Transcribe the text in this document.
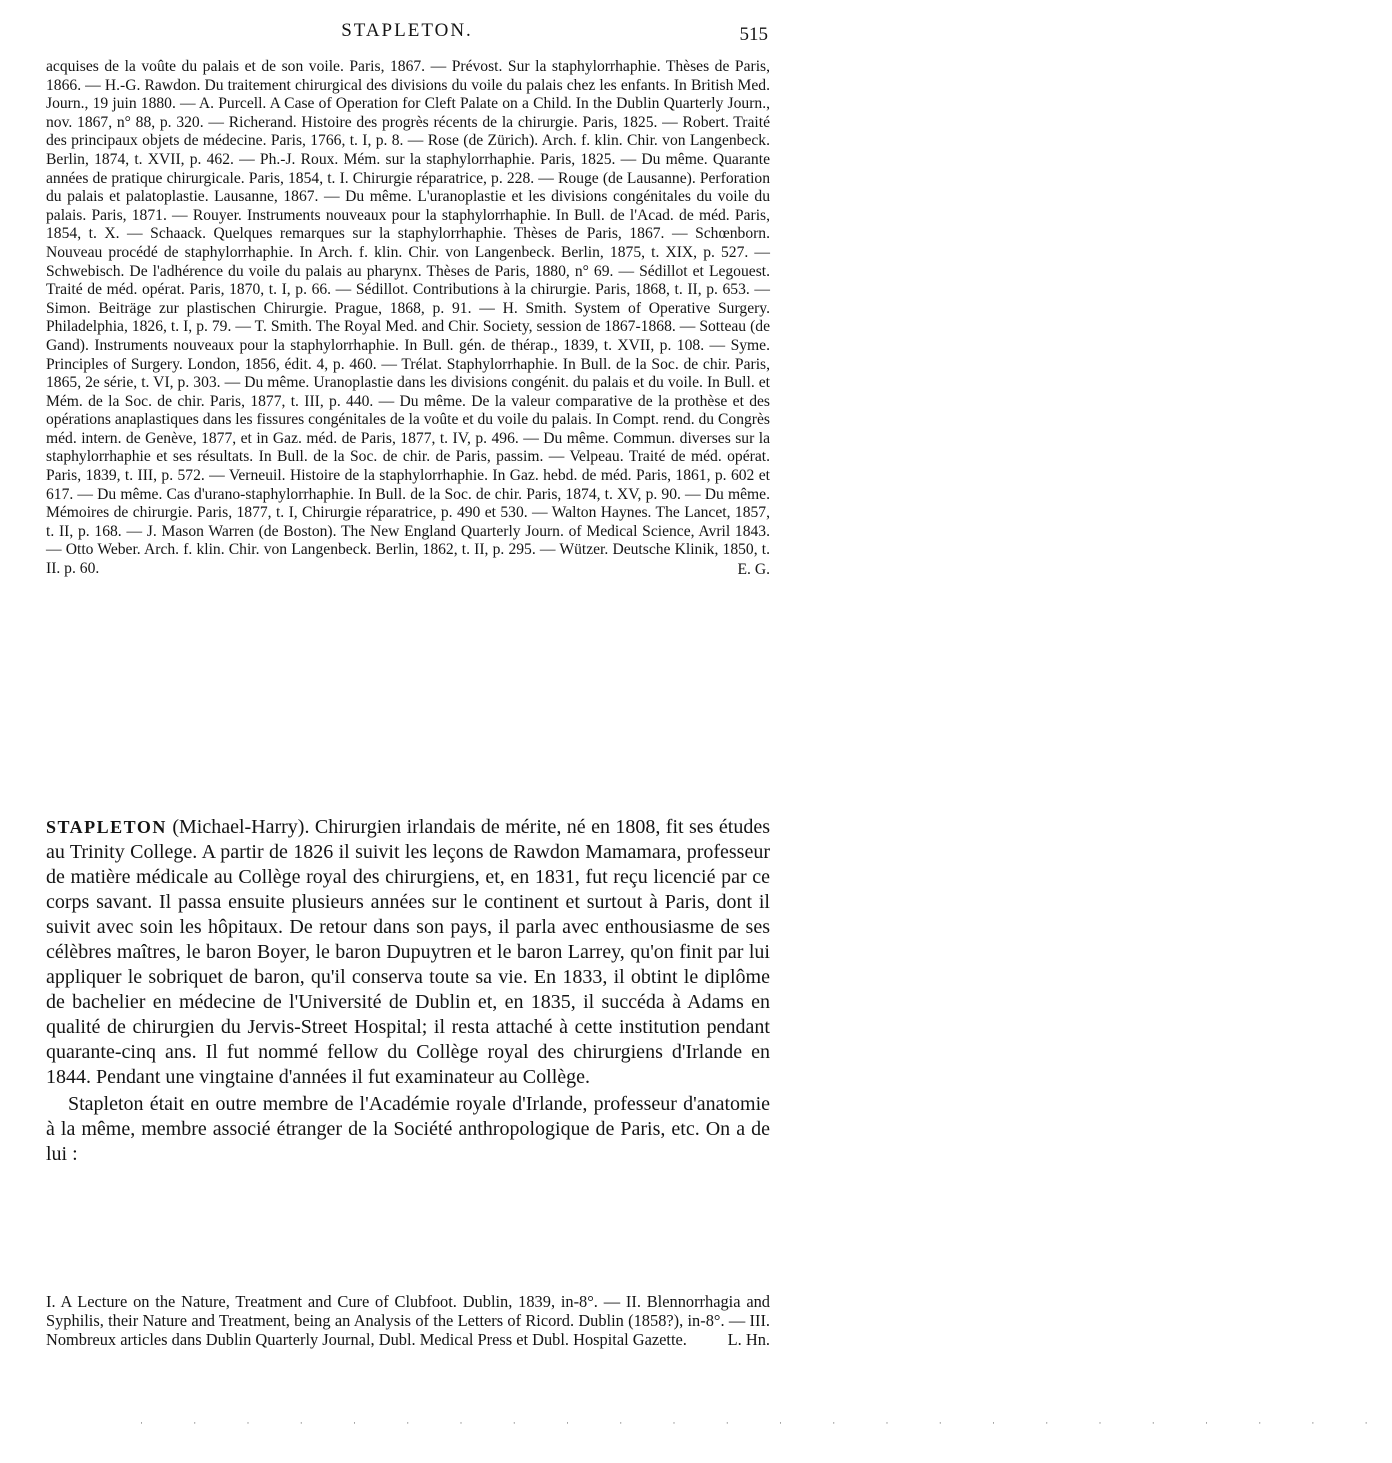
STAPLETON.	515
acquises de la voûte du palais et de son voile. Paris, 1867. — Prévost. Sur la staphylorrhaphie. Thèses de Paris, 1866. — H.-G. Rawdon. Du traitement chirurgical des divisions du voile du palais chez les enfants. In British Med. Journ., 19 juin 1880. — A. Purcell. A Case of Operation for Cleft Palate on a Child. In the Dublin Quarterly Journ., nov. 1867, n° 88, p. 320. — Richerand. Histoire des progrès récents de la chirurgie. Paris, 1825. — Robert. Traité des principaux objets de médecine. Paris, 1766, t. I, p. 8. — Rose (de Zürich). Arch. f. klin. Chir. von Langenbeck. Berlin, 1874, t. XVII, p. 462. — Ph.-J. Roux. Mém. sur la staphylorrhaphie. Paris, 1825. — Du même. Quarante années de pratique chirurgicale. Paris, 1854, t. I. Chirurgie réparatrice, p. 228. — Rouge (de Lausanne). Perforation du palais et palatoplastie. Lausanne, 1867. — Du même. L'uranoplastie et les divisions congénitales du voile du palais. Paris, 1871. — Rouyer. Instruments nouveaux pour la staphylorrhaphie. In Bull. de l'Acad. de méd. Paris, 1854, t. X. — Schaack. Quelques remarques sur la staphylorrhaphie. Thèses de Paris, 1867. — Schœnborn. Nouveau procédé de staphylorrhaphie. In Arch. f. klin. Chir. von Langenbeck. Berlin, 1875, t. XIX, p. 527. — Schwebisch. De l'adhérence du voile du palais au pharynx. Thèses de Paris, 1880, n° 69. — Sédillot et Legouest. Traité de méd. opérat. Paris, 1870, t. I, p. 66. — Sédillot. Contributions à la chirurgie. Paris, 1868, t. II, p. 653. — Simon. Beiträge zur plastischen Chirurgie. Prague, 1868, p. 91. — H. Smith. System of Operative Surgery. Philadelphia, 1826, t. I, p. 79. — T. Smith. The Royal Med. and Chir. Society, session de 1867-1868. — Sotteau (de Gand). Instruments nouveaux pour la staphylorrhaphie. In Bull. gén. de thérap., 1839, t. XVII, p. 108. — Syme. Principles of Surgery. London, 1856, édit. 4, p. 460. — Trélat. Staphylorrhaphie. In Bull. de la Soc. de chir. Paris, 1865, 2e série, t. VI, p. 303. — Du même. Uranoplastie dans les divisions congénit. du palais et du voile. In Bull. et Mém. de la Soc. de chir. Paris, 1877, t. III, p. 440. — Du même. De la valeur comparative de la prothèse et des opérations anaplastiques dans les fissures congénitales de la voûte et du voile du palais. In Compt. rend. du Congrès méd. intern. de Genève, 1877, et in Gaz. méd. de Paris, 1877, t. IV, p. 496. — Du même. Commun. diverses sur la staphylorrhaphie et ses résultats. In Bull. de la Soc. de chir. de Paris, passim. — Velpeau. Traité de méd. opérat. Paris, 1839, t. III, p. 572. — Verneuil. Histoire de la staphylorrhaphie. In Gaz. hebd. de méd. Paris, 1861, p. 602 et 617. — Du même. Cas d'urano-staphylorrhaphie. In Bull. de la Soc. de chir. Paris, 1874, t. XV, p. 90. — Du même. Mémoires de chirurgie. Paris, 1877, t. I, Chirurgie réparatrice, p. 490 et 530. — Walton Haynes. The Lancet, 1857, t. II, p. 168. — J. Mason Warren (de Boston). The New England Quarterly Journ. of Medical Science, Avril 1843. — Otto Weber. Arch. f. klin. Chir. von Langenbeck. Berlin, 1862, t. II, p. 295. — Wützer. Deutsche Klinik, 1850, t. II. p. 60.	E. G.

STAPLETON (Michael-Harry). Chirurgien irlandais de mérite, né en 1808, fit ses études au Trinity College. A partir de 1826 il suivit les leçons de Rawdon Mamamara, professeur de matière médicale au Collège royal des chirurgiens, et, en 1831, fut reçu licencié par ce corps savant. Il passa ensuite plusieurs années sur le continent et surtout à Paris, dont il suivit avec soin les hôpitaux. De retour dans son pays, il parla avec enthousiasme de ses célèbres maîtres, le baron Boyer, le baron Dupuytren et le baron Larrey, qu'on finit par lui appliquer le sobriquet de baron, qu'il conserva toute sa vie. En 1833, il obtint le diplôme de bachelier en médecine de l'Université de Dublin et, en 1835, il succéda à Adams en qualité de chirurgien du Jervis-Street Hospital; il resta attaché à cette institution pendant quarante-cinq ans. Il fut nommé fellow du Collège royal des chirurgiens d'Irlande en 1844. Pendant une vingtaine d'années il fut examinateur au Collège.

Stapleton était en outre membre de l'Académie royale d'Irlande, professeur d'anatomie à la même, membre associé étranger de la Société anthropologique de Paris, etc. On a de lui :

I. A Lecture on the Nature, Treatment and Cure of Clubfoot. Dublin, 1839, in-8°. — II. Blennorrhagia and Syphilis, their Nature and Treatment, being an Analysis of the Letters of Ricord. Dublin (1858?), in-8°. — III. Nombreux articles dans Dublin Quarterly Journal, Dubl. Medical Press et Dubl. Hospital Gazette.	L. Hn.
· · · · · · · · · · · · · · · · · · · · · · · ·
